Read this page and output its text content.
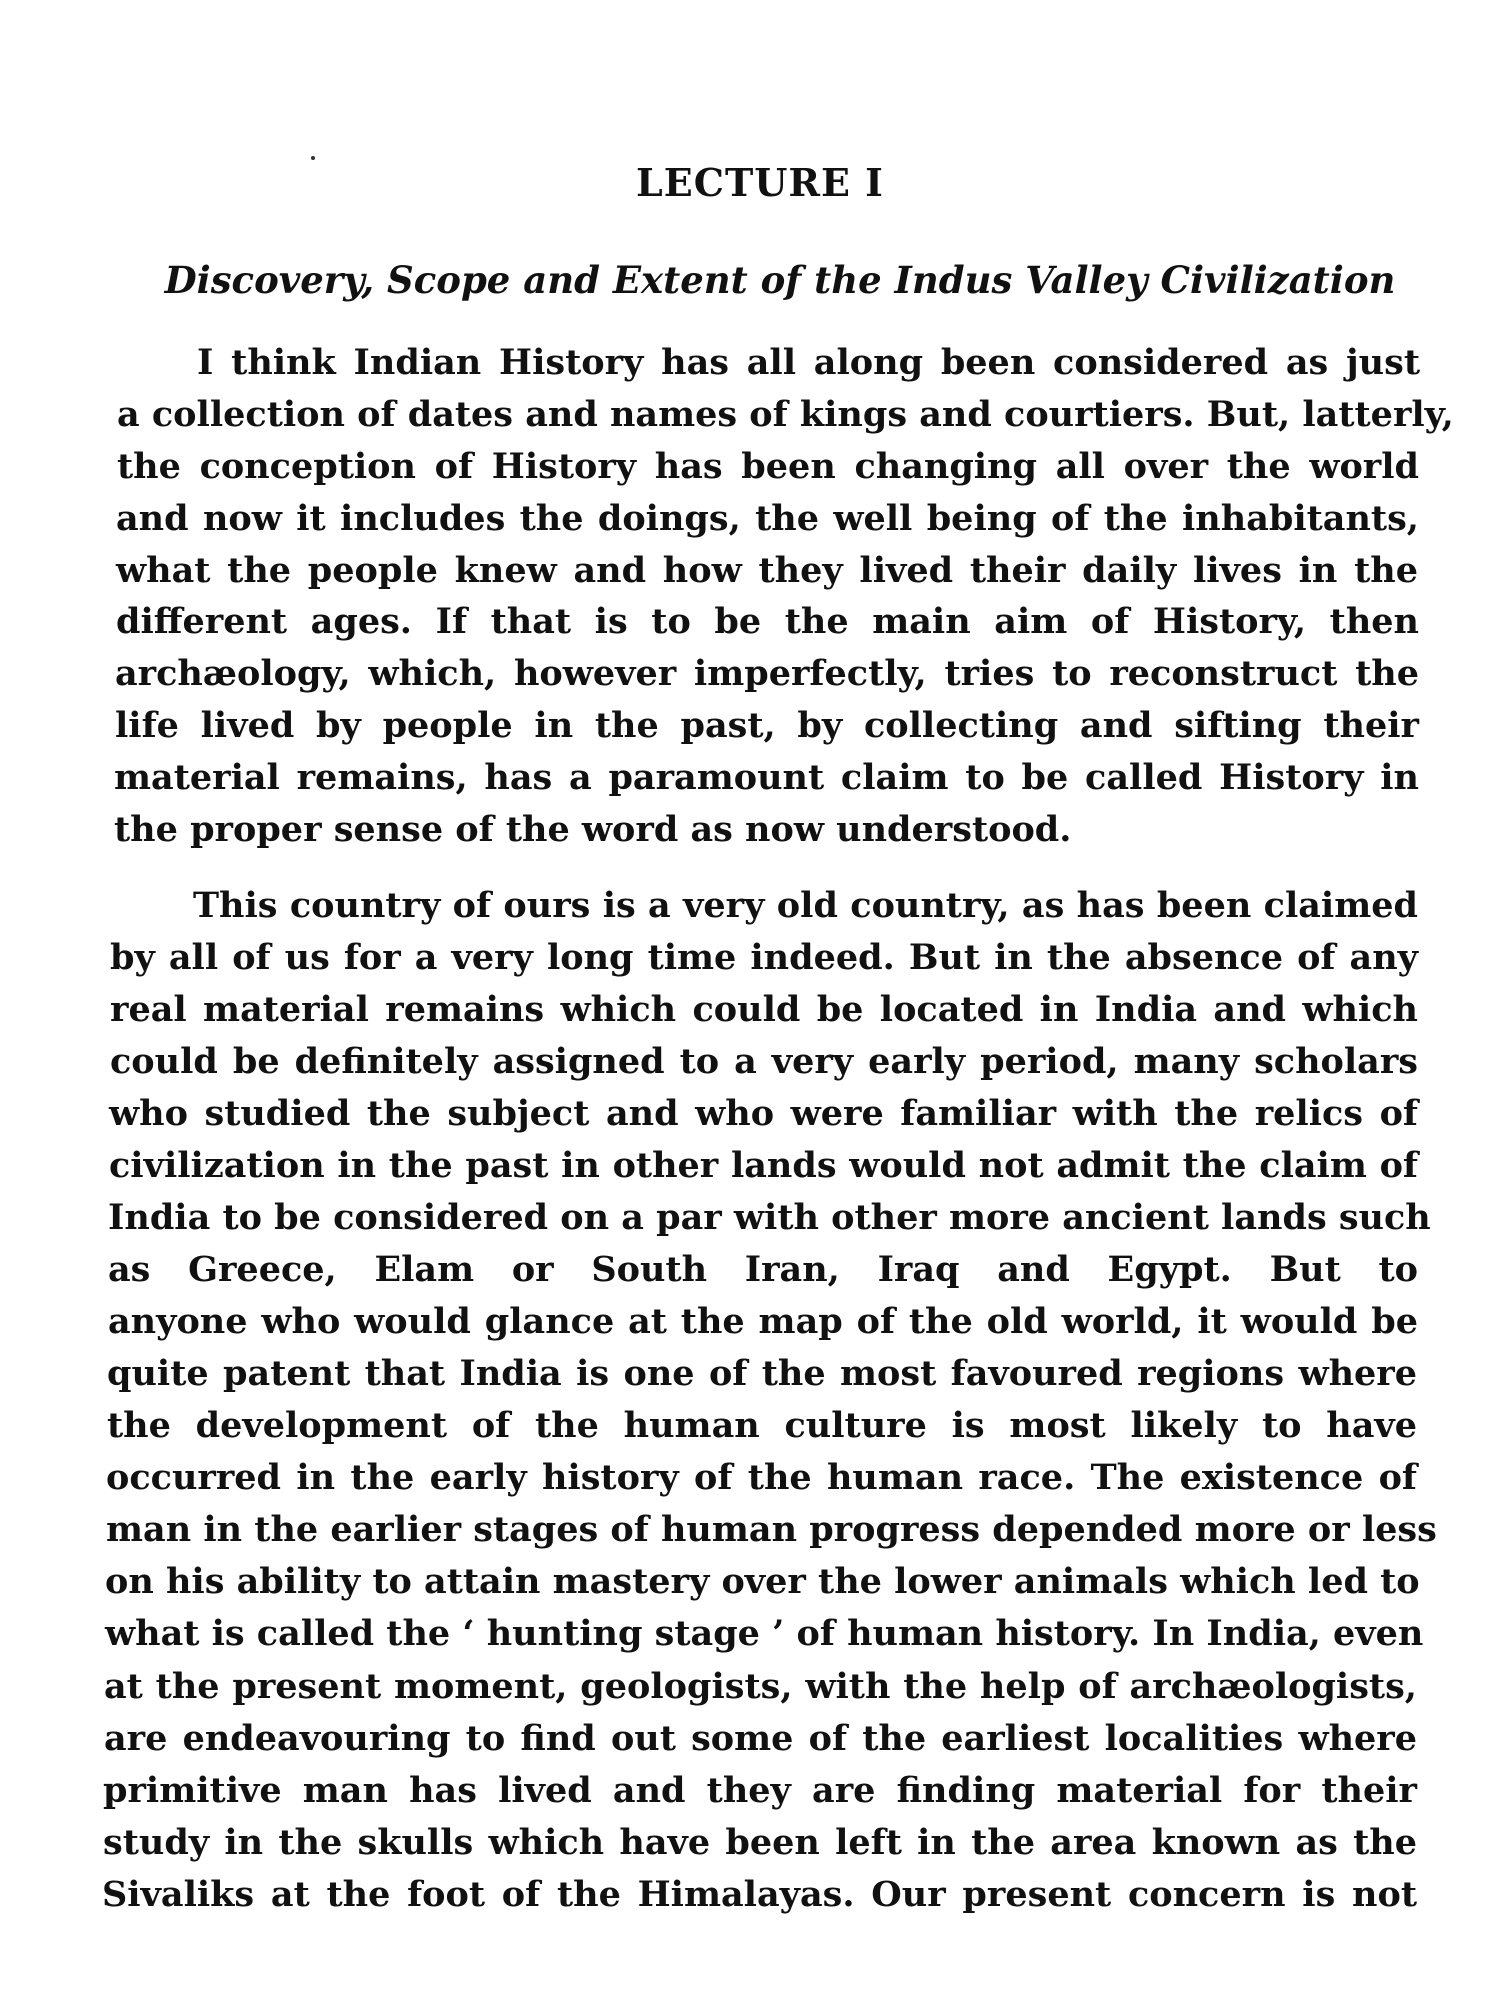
LECTURE I
Discovery, Scope and Extent of the Indus Valley Civilization
I think Indian History has all along been considered as just
a collection of dates and names of kings and courtiers. But, latterly,
the conception of History has been changing all over the world
and now it includes the doings, the well being of the inhabitants,
what the people knew and how they lived their daily lives in the
different ages. If that is to be the main aim of History, then
archæology, which, however imperfectly, tries to reconstruct the
life lived by people in the past, by collecting and sifting their
material remains, has a paramount claim to be called History in
the proper sense of the word as now understood.
This country of ours is a very old country, as has been claimed
by all of us for a very long time indeed. But in the absence of any
real material remains which could be located in India and which
could be definitely assigned to a very early period, many scholars
who studied the subject and who were familiar with the relics of
civilization in the past in other lands would not admit the claim of
India to be considered on a par with other more ancient lands such
as Greece, Elam or South Iran, Iraq and Egypt. But to
anyone who would glance at the map of the old world, it would be
quite patent that India is one of the most favoured regions where
the development of the human culture is most likely to have
occurred in the early history of the human race. The existence of
man in the earlier stages of human progress depended more or less
on his ability to attain mastery over the lower animals which led to
what is called the ‘ hunting stage ’ of human history. In India, even
at the present moment, geologists, with the help of archæologists,
are endeavouring to find out some of the earliest localities where
primitive man has lived and they are finding material for their
study in the skulls which have been left in the area known as the
Sivaliks at the foot of the Himalayas. Our present concern is not
